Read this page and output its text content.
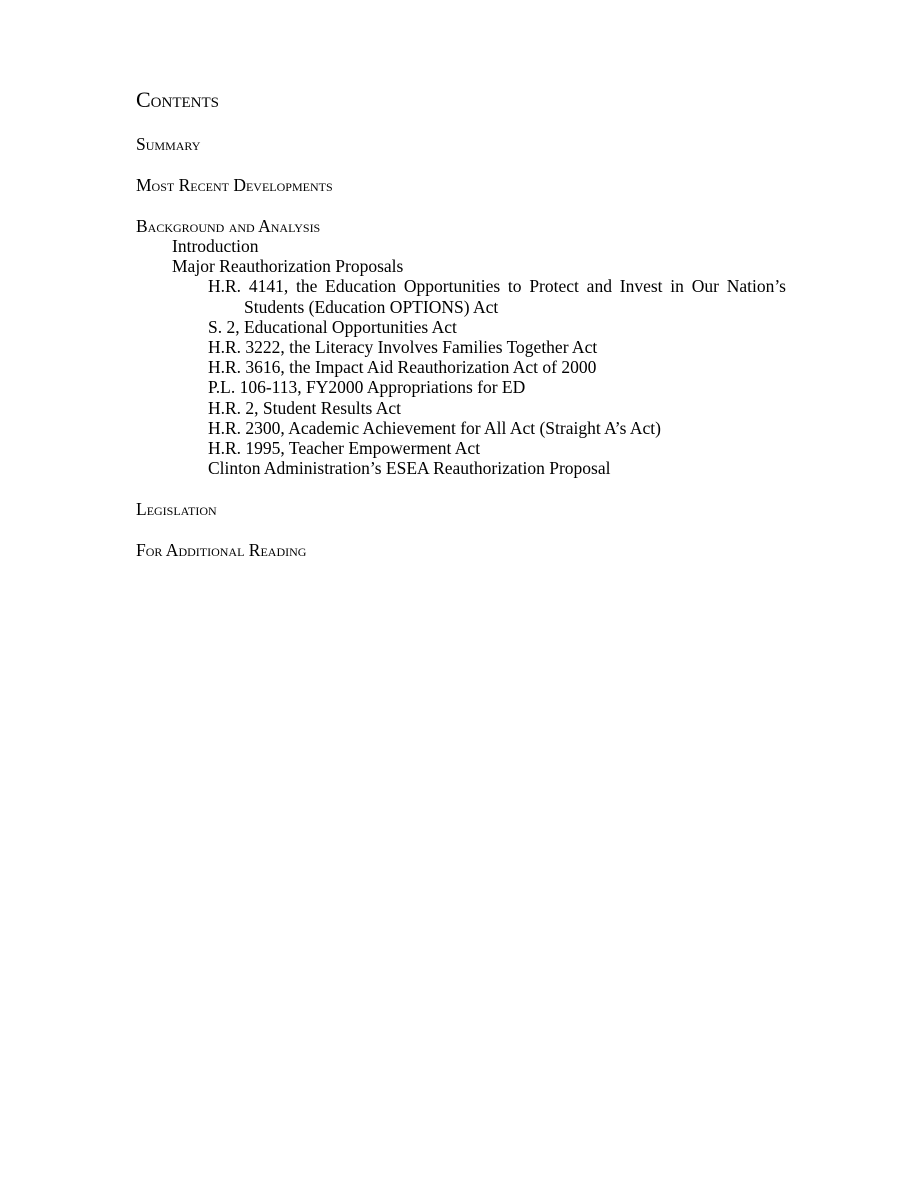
Contents

Summary

Most Recent Developments

Background and Analysis

Introduction

Major Reauthorization Proposals

H.R. 4141, the Education Opportunities to Protect and Invest in Our Nation’s Students (Education OPTIONS) Act

S. 2, Educational Opportunities Act

H.R. 3222, the Literacy Involves Families Together Act

H.R. 3616, the Impact Aid Reauthorization Act of 2000

P.L. 106-113, FY2000 Appropriations for ED

H.R. 2, Student Results Act

H.R. 2300, Academic Achievement for All Act (Straight A’s Act)

H.R. 1995, Teacher Empowerment Act

Clinton Administration’s ESEA Reauthorization Proposal

Legislation

For Additional Reading
